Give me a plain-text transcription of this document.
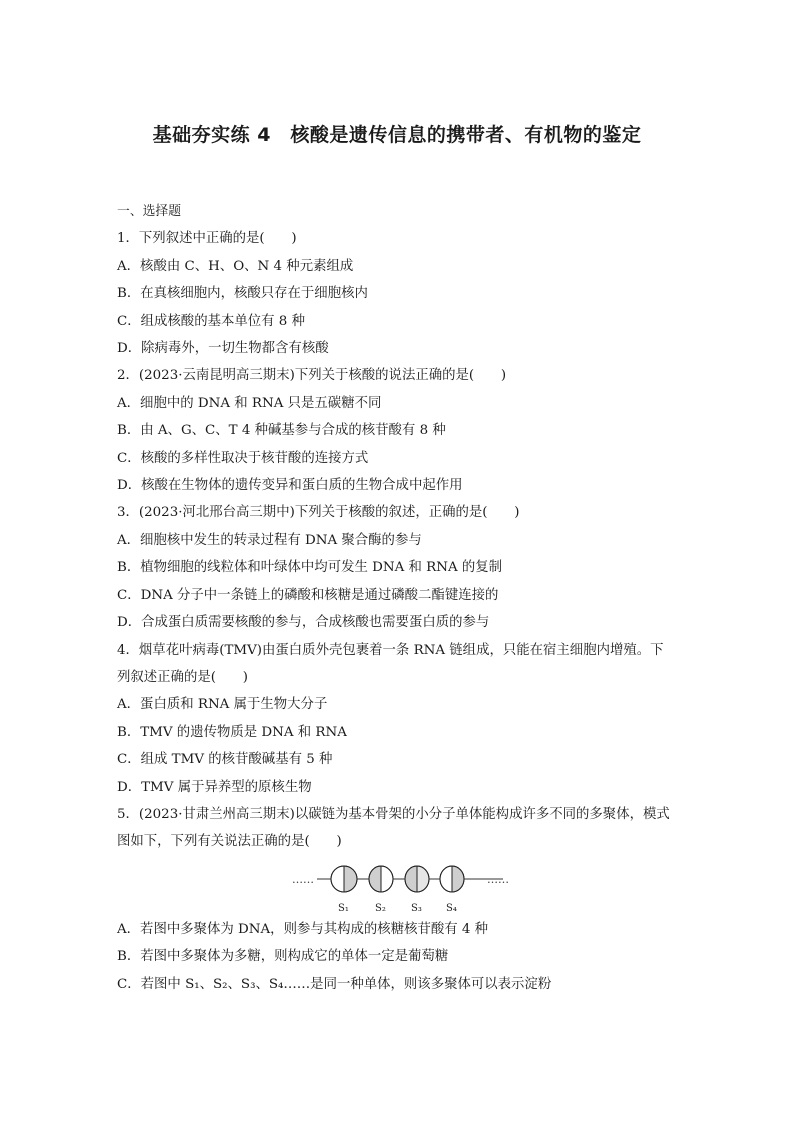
基础夯实练 4　核酸是遗传信息的携带者、有机物的鉴定
一、选择题
1．下列叙述中正确的是(　　)
A．核酸由 C、H、O、N 4 种元素组成
B．在真核细胞内，核酸只存在于细胞核内
C．组成核酸的基本单位有 8 种
D．除病毒外，一切生物都含有核酸
2．(2023·云南昆明高三期末)下列关于核酸的说法正确的是(　　)
A．细胞中的 DNA 和 RNA 只是五碳糖不同
B．由 A、G、C、T 4 种碱基参与合成的核苷酸有 8 种
C．核酸的多样性取决于核苷酸的连接方式
D．核酸在生物体的遗传变异和蛋白质的生物合成中起作用
3．(2023·河北邢台高三期中)下列关于核酸的叙述，正确的是(　　)
A．细胞核中发生的转录过程有 DNA 聚合酶的参与
B．植物细胞的线粒体和叶绿体中均可发生 DNA 和 RNA 的复制
C．DNA 分子中一条链上的磷酸和核糖是通过磷酸二酯键连接的
D．合成蛋白质需要核酸的参与，合成核酸也需要蛋白质的参与
4．烟草花叶病毒(TMV)由蛋白质外壳包裹着一条 RNA 链组成，只能在宿主细胞内增殖。下
列叙述正确的是(　　)
A．蛋白质和 RNA 属于生物大分子
B．TMV 的遗传物质是 DNA 和 RNA
C．组成 TMV 的核苷酸碱基有 5 种
D．TMV 属于异养型的原核生物
5．(2023·甘肃兰州高三期末)以碳链为基本骨架的小分子单体能构成许多不同的多聚体，模式
图如下，下列有关说法正确的是(　　)
……	……
S₁	S₂	S₃ S₄
A．若图中多聚体为 DNA，则参与其构成的核糖核苷酸有 4 种
B．若图中多聚体为多糖，则构成它的单体一定是葡萄糖
C．若图中 S₁、S₂、S₃、S₄……是同一种单体，则该多聚体可以表示淀粉
